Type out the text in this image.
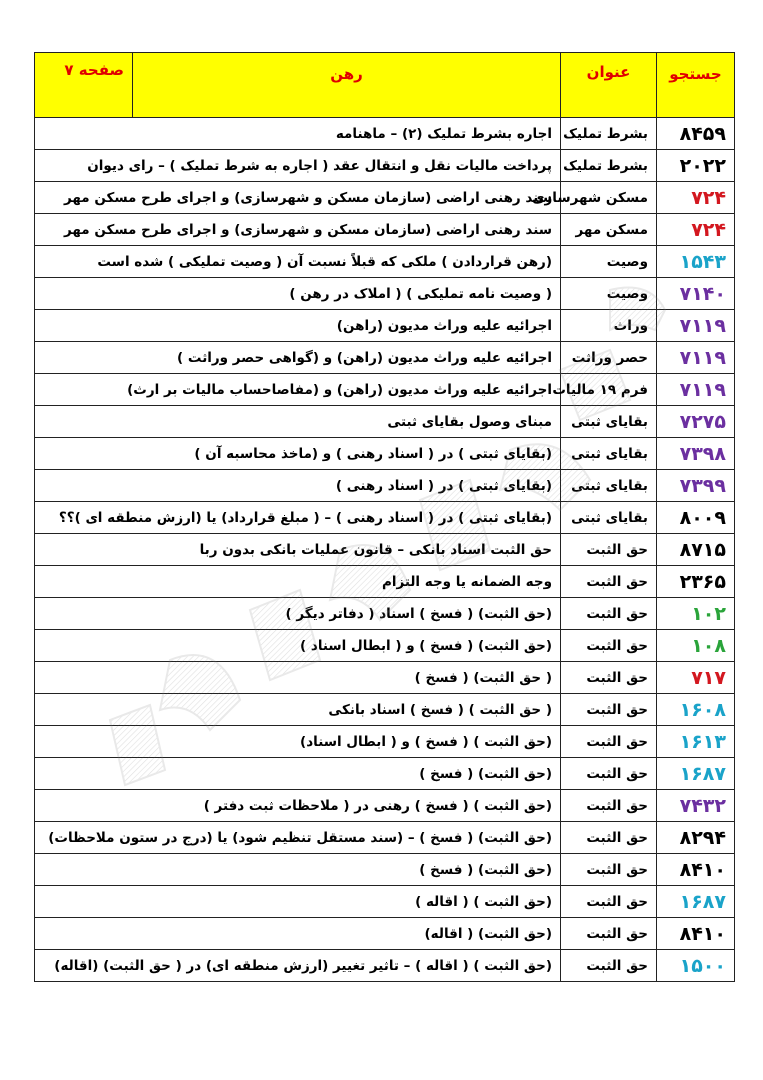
جستجو	عنوان	رهن	صفحه ۷
۸۴۵۹	بشرط تملیک	اجاره بشرط تملیک (۲) – ماهنامه	
۲۰۲۲	بشرط تملیک	پرداخت مالیات نقل و انتقال عقد ( اجاره به شرط تملیک ) – رای دیوان	
۷۲۴	مسکن شهرسازی	سند رهنی اراضی (سازمان مسکن و شهرسازی) و اجرای طرح مسکن مهر	
۷۲۴	مسکن مهر	سند رهنی اراضی (سازمان مسکن و شهرسازی) و اجرای طرح مسکن مهر	
۱۵۴۳	وصیت	(رهن قراردادن ) ملکی که قبلاً نسبت آن ( وصیت تملیکی ) شده است	
۷۱۴۰	وصیت	( وصیت نامه تملیکی ) ( املاک در رهن )	
۷۱۱۹	وراث	اجرائیه علیه وراث مدیون (راهن)	
۷۱۱۹	حصر وراثت	اجرائیه علیه وراث مدیون (راهن) و (گواهی حصر وراثت )	
۷۱۱۹	فرم ۱۹ مالیات	اجرائیه علیه وراث مدیون (راهن) و (مفاصاحساب مالیات بر ارث)	
۷۲۷۵	بقایای ثبتی	مبنای وصول بقایای ثبتی	
۷۳۹۸	بقایای ثبتی	(بقایای ثبتی ) در ( اسناد رهنی ) و (ماخذ محاسبه آن )	
۷۳۹۹	بقایای ثبتی	(بقایای ثبتی ) در ( اسناد رهنی )	
۸۰۰۹	بقایای ثبتی	(بقایای ثبتی ) در ( اسناد رهنی ) – ( مبلغ قرارداد) یا (ارزش منطقه ای )؟؟	
۸۷۱۵	حق الثبت	حق الثبت اسناد بانکی – قانون عملیات بانکی بدون ربا	
۲۳۶۵	حق الثبت	وجه الضمانه یا وجه التزام	
۱۰۲	حق الثبت	(حق الثبت) ( فسخ ) اسناد ( دفاتر دیگر )	
۱۰۸	حق الثبت	(حق الثبت) ( فسخ ) و ( ابطال اسناد )	
۷۱۷	حق الثبت	( حق الثبت) ( فسخ )	
۱۶۰۸	حق الثبت	( حق الثبت ) ( فسخ ) اسناد بانکی	
۱۶۱۳	حق الثبت	(حق الثبت ) ( فسخ ) و ( ابطال اسناد)	
۱۶۸۷	حق الثبت	(حق الثبت) ( فسخ )	
۷۴۳۲	حق الثبت	(حق الثبت ) ( فسخ ) رهنی در ( ملاحظات ثبت دفتر )	
۸۲۹۴	حق الثبت	(حق الثبت) ( فسخ ) – (سند مستقل تنظیم شود) یا (درج در ستون ملاحظات)	
۸۴۱۰	حق الثبت	(حق الثبت) ( فسخ )	
۱۶۸۷	حق الثبت	(حق الثبت ) ( اقاله )	
۸۴۱۰	حق الثبت	(حق الثبت) ( اقاله)	
۱۵۰۰	حق الثبت	(حق الثبت ) ( اقاله ) – تاثیر تغییر (ارزش منطقه ای) در ( حق الثبت) (اقاله)	
